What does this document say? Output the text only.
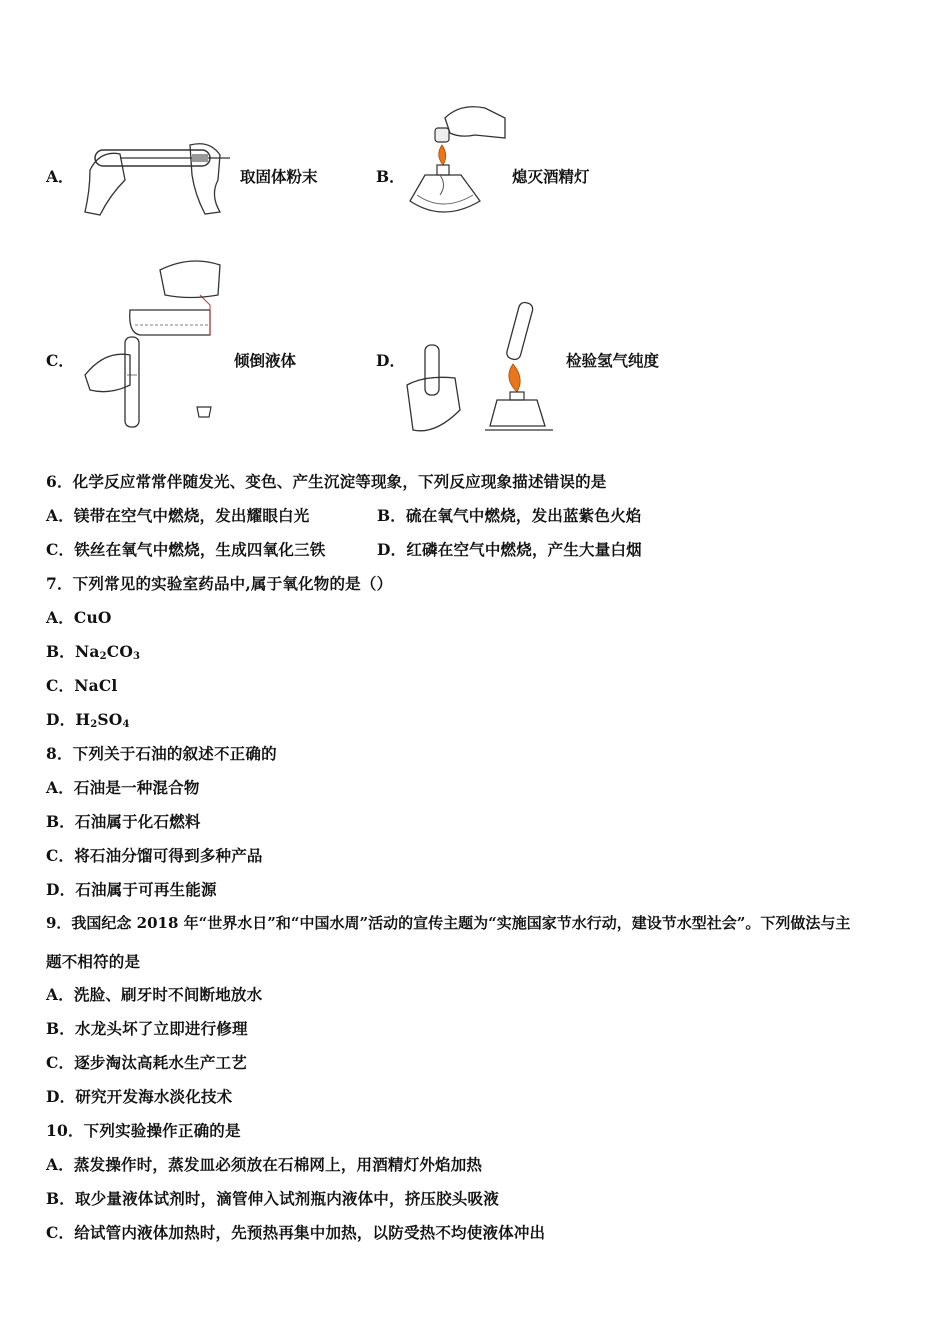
A．	取固体粉末	B．	熄灭酒精灯
C．	倾倒液体	D．	检验氢气纯度
6．化学反应常常伴随发光、变色、产生沉淀等现象，下列反应现象描述错误的是
A．镁带在空气中燃烧，发出耀眼白光	B．硫在氧气中燃烧，发出蓝紫色火焰
C．铁丝在氧气中燃烧，生成四氧化三铁	D．红磷在空气中燃烧，产生大量白烟
7．下列常见的实验室药品中,属于氧化物的是（）
A．CuO
B．$Na_2CO_3$
C．NaCl
D．$H_2SO_4$
8．下列关于石油的叙述不正确的
A．石油是一种混合物
B．石油属于化石燃料
C．将石油分馏可得到多种产品
D．石油属于可再生能源
9．我国纪念 2018 年“世界水日”和“中国水周”活动的宣传主题为“实施国家节水行动，建设节水型社会”。下列做法与主
题不相符的是
A．洗脸、刷牙时不间断地放水
B．水龙头坏了立即进行修理
C．逐步淘汰高耗水生产工艺
D．研究开发海水淡化技术
10．下列实验操作正确的是
A．蒸发操作时，蒸发皿必须放在石棉网上，用酒精灯外焰加热
B．取少量液体试剂时，滴管伸入试剂瓶内液体中，挤压胶头吸液
C．给试管内液体加热时，先预热再集中加热，以防受热不均使液体冲出
